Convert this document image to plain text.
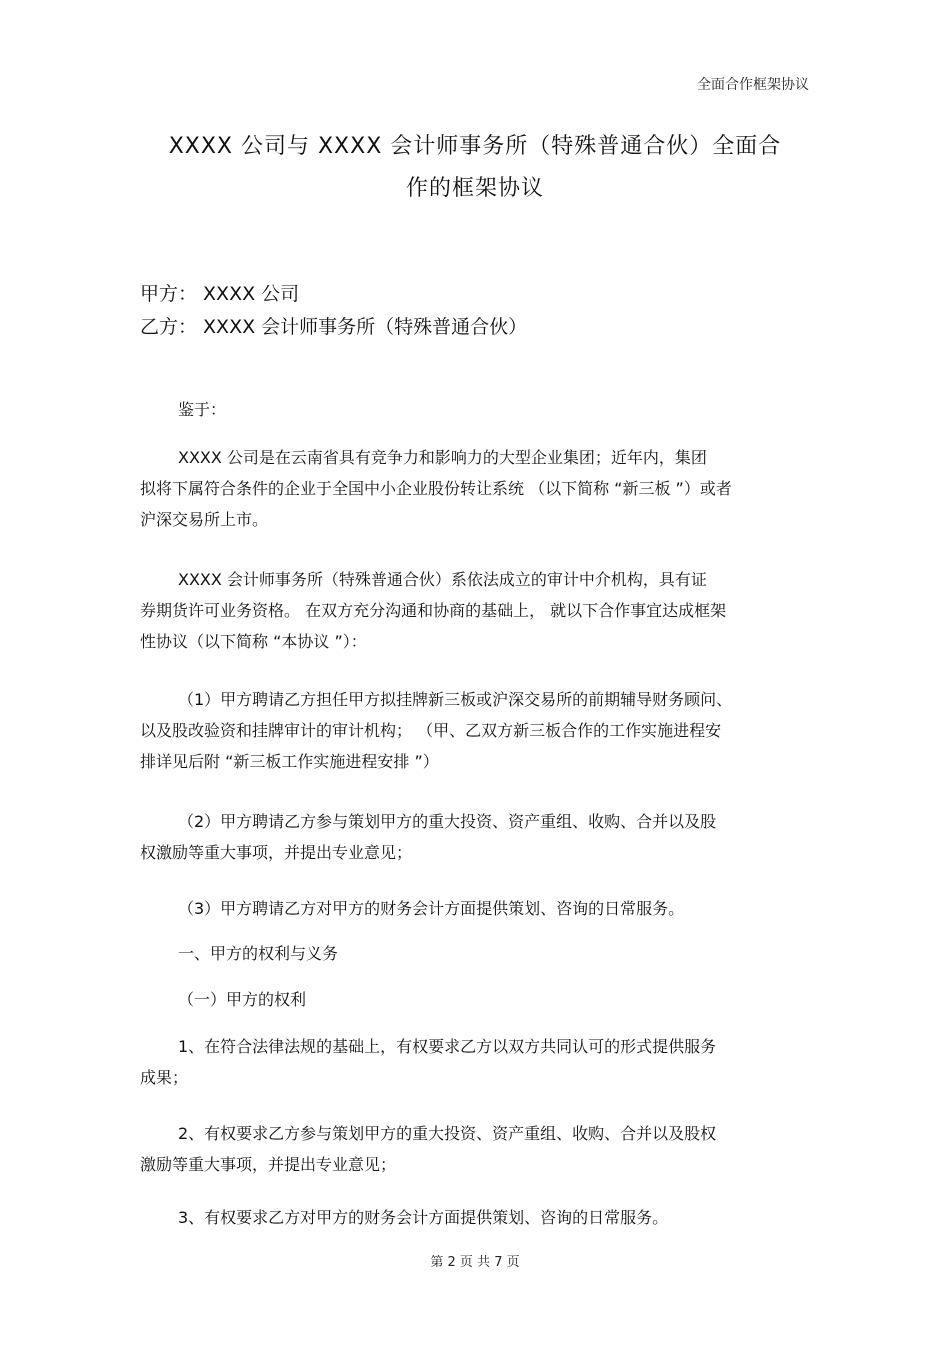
全面合作框架协议
XXXX 公司与 XXXX 会计师事务所（特殊普通合伙）全面合
作的框架协议
甲方： XXXX 公司
乙方： XXXX 会计师事务所（特殊普通合伙）
鉴于：
XXXX 公司是在云南省具有竞争力和影响力的大型企业集团；近年内，集团
拟将下属符合条件的企业于全国中小企业股份转让系统 （以下简称 “新三板 ”）或者
沪深交易所上市。
XXXX 会计师事务所（特殊普通合伙）系依法成立的审计中介机构，具有证
券期货许可业务资格。 在双方充分沟通和协商的基础上， 就以下合作事宜达成框架
性协议（以下简称 “本协议 ”）：
（1）甲方聘请乙方担任甲方拟挂牌新三板或沪深交易所的前期辅导财务顾问、
以及股改验资和挂牌审计的审计机构； （甲、乙双方新三板合作的工作实施进程安
排详见后附 “新三板工作实施进程安排 ”）
（2）甲方聘请乙方参与策划甲方的重大投资、资产重组、收购、合并以及股
权激励等重大事项，并提出专业意见；
（3）甲方聘请乙方对甲方的财务会计方面提供策划、咨询的日常服务。
一、甲方的权利与义务
（一）甲方的权利
1、在符合法律法规的基础上，有权要求乙方以双方共同认可的形式提供服务
成果；
2、有权要求乙方参与策划甲方的重大投资、资产重组、收购、合并以及股权
激励等重大事项，并提出专业意见；
3、有权要求乙方对甲方的财务会计方面提供策划、咨询的日常服务。
第 2 页 共 7 页
